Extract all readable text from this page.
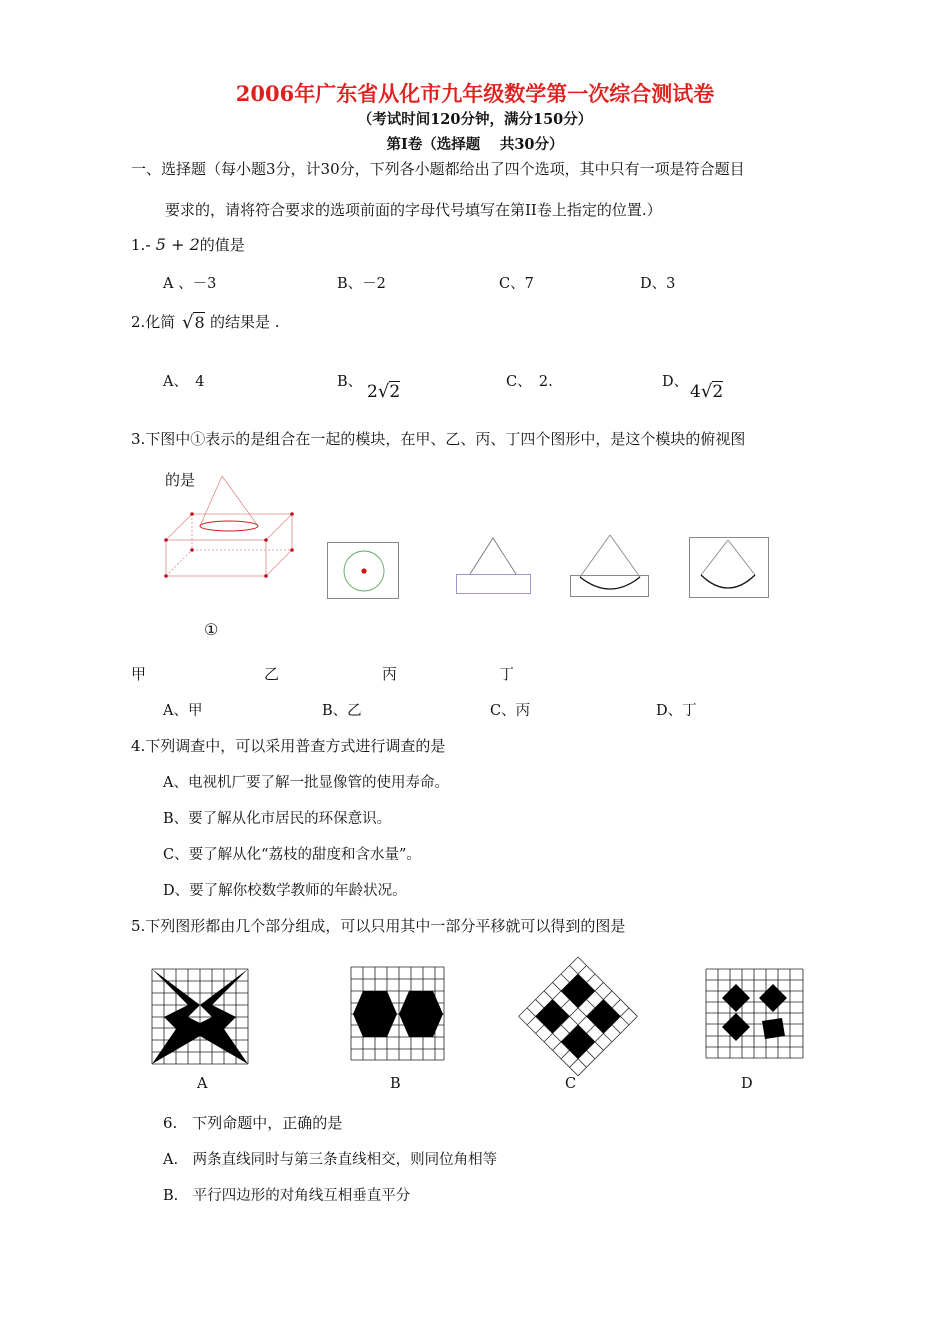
2006年广东省从化市九年级数学第一次综合测试卷
（考试时间120分钟，满分150分）
第Ⅰ卷（选择题　 共30分）
一、选择题（每小题3分，计30分，下列各小题都给出了四个选项，其中只有一项是符合题目
要求的，请将符合要求的选项前面的字母代号填写在第II卷上指定的位置.）
1.- 5 + 2的值是
A 、－3	B、－2	C、7	D、3
2.化简 √8 的结果是 .
A、　4	B、 2√2	C、　2.	D、 4√2
3.下图中①表示的是组合在一起的模块，在甲、乙、丙、丁四个图形中，是这个模块的俯视图
的是
①
甲	乙	丙	丁
A、甲	B、乙	C、丙	D、丁
4.下列调查中，可以采用普查方式进行调查的是
A、电视机厂要了解一批显像管的使用寿命。
B、要了解从化市居民的环保意识。
C、要了解从化“荔枝的甜度和含水量”。
D、要了解你校数学教师的年龄状况。
5.下列图形都由几个部分组成，可以只用其中一部分平移就可以得到的图是
A	B	C	D
6.　下列命题中，正确的是
A.　两条直线同时与第三条直线相交，则同位角相等
B.　平行四边形的对角线互相垂直平分
